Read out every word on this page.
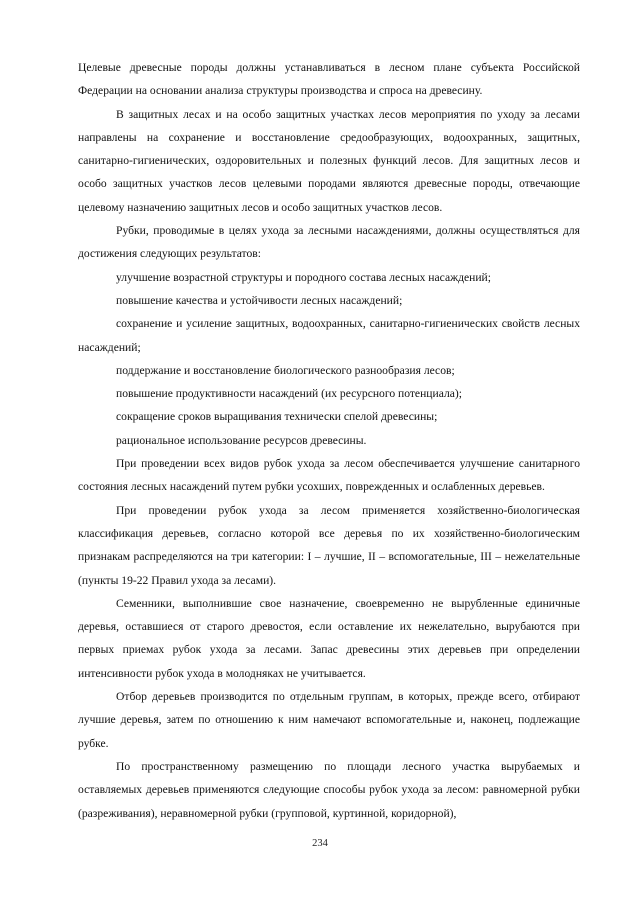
Целевые древесные породы должны устанавливаться в лесном плане субъекта Российской Федерации на основании анализа структуры производства и спроса на древесину.

В защитных лесах и на особо защитных участках лесов мероприятия по уходу за лесами направлены на сохранение и восстановление средообразующих, водоохранных, защитных, санитарно-гигиенических, оздоровительных и полезных функций лесов. Для защитных лесов и особо защитных участков лесов целевыми породами являются древесные породы, отвечающие целевому назначению защитных лесов и особо защитных участков лесов.

Рубки, проводимые в целях ухода за лесными насаждениями, должны осуществляться для достижения следующих результатов:

улучшение возрастной структуры и породного состава лесных насаждений;

повышение качества и устойчивости лесных насаждений;

сохранение и усиление защитных, водоохранных, санитарно-гигиенических свойств лесных насаждений;

поддержание и восстановление биологического разнообразия лесов;

повышение продуктивности насаждений (их ресурсного потенциала);

сокращение сроков выращивания технически спелой древесины;

рациональное использование ресурсов древесины.

При проведении всех видов рубок ухода за лесом обеспечивается улучшение санитарного состояния лесных насаждений путем рубки усохших, поврежденных и ослабленных деревьев.

При проведении рубок ухода за лесом применяется хозяйственно-биологическая классификация деревьев, согласно которой все деревья по их хозяйственно-биологическим признакам распределяются на три категории: I – лучшие, II – вспомогательные, III – нежелательные (пункты 19-22 Правил ухода за лесами).

Семенники, выполнившие свое назначение, своевременно не вырубленные единичные деревья, оставшиеся от старого древостоя, если оставление их нежелательно, вырубаются при первых приемах рубок ухода за лесами. Запас древесины этих деревьев при определении интенсивности рубок ухода в молодняках не учитывается.

Отбор деревьев производится по отдельным группам, в которых, прежде всего, отбирают лучшие деревья, затем по отношению к ним намечают вспомогательные и, наконец, подлежащие рубке.

По пространственному размещению по площади лесного участка вырубаемых и оставляемых деревьев применяются следующие способы рубок ухода за лесом: равномерной рубки (разреживания), неравномерной рубки (групповой, куртинной, коридорной),

234
